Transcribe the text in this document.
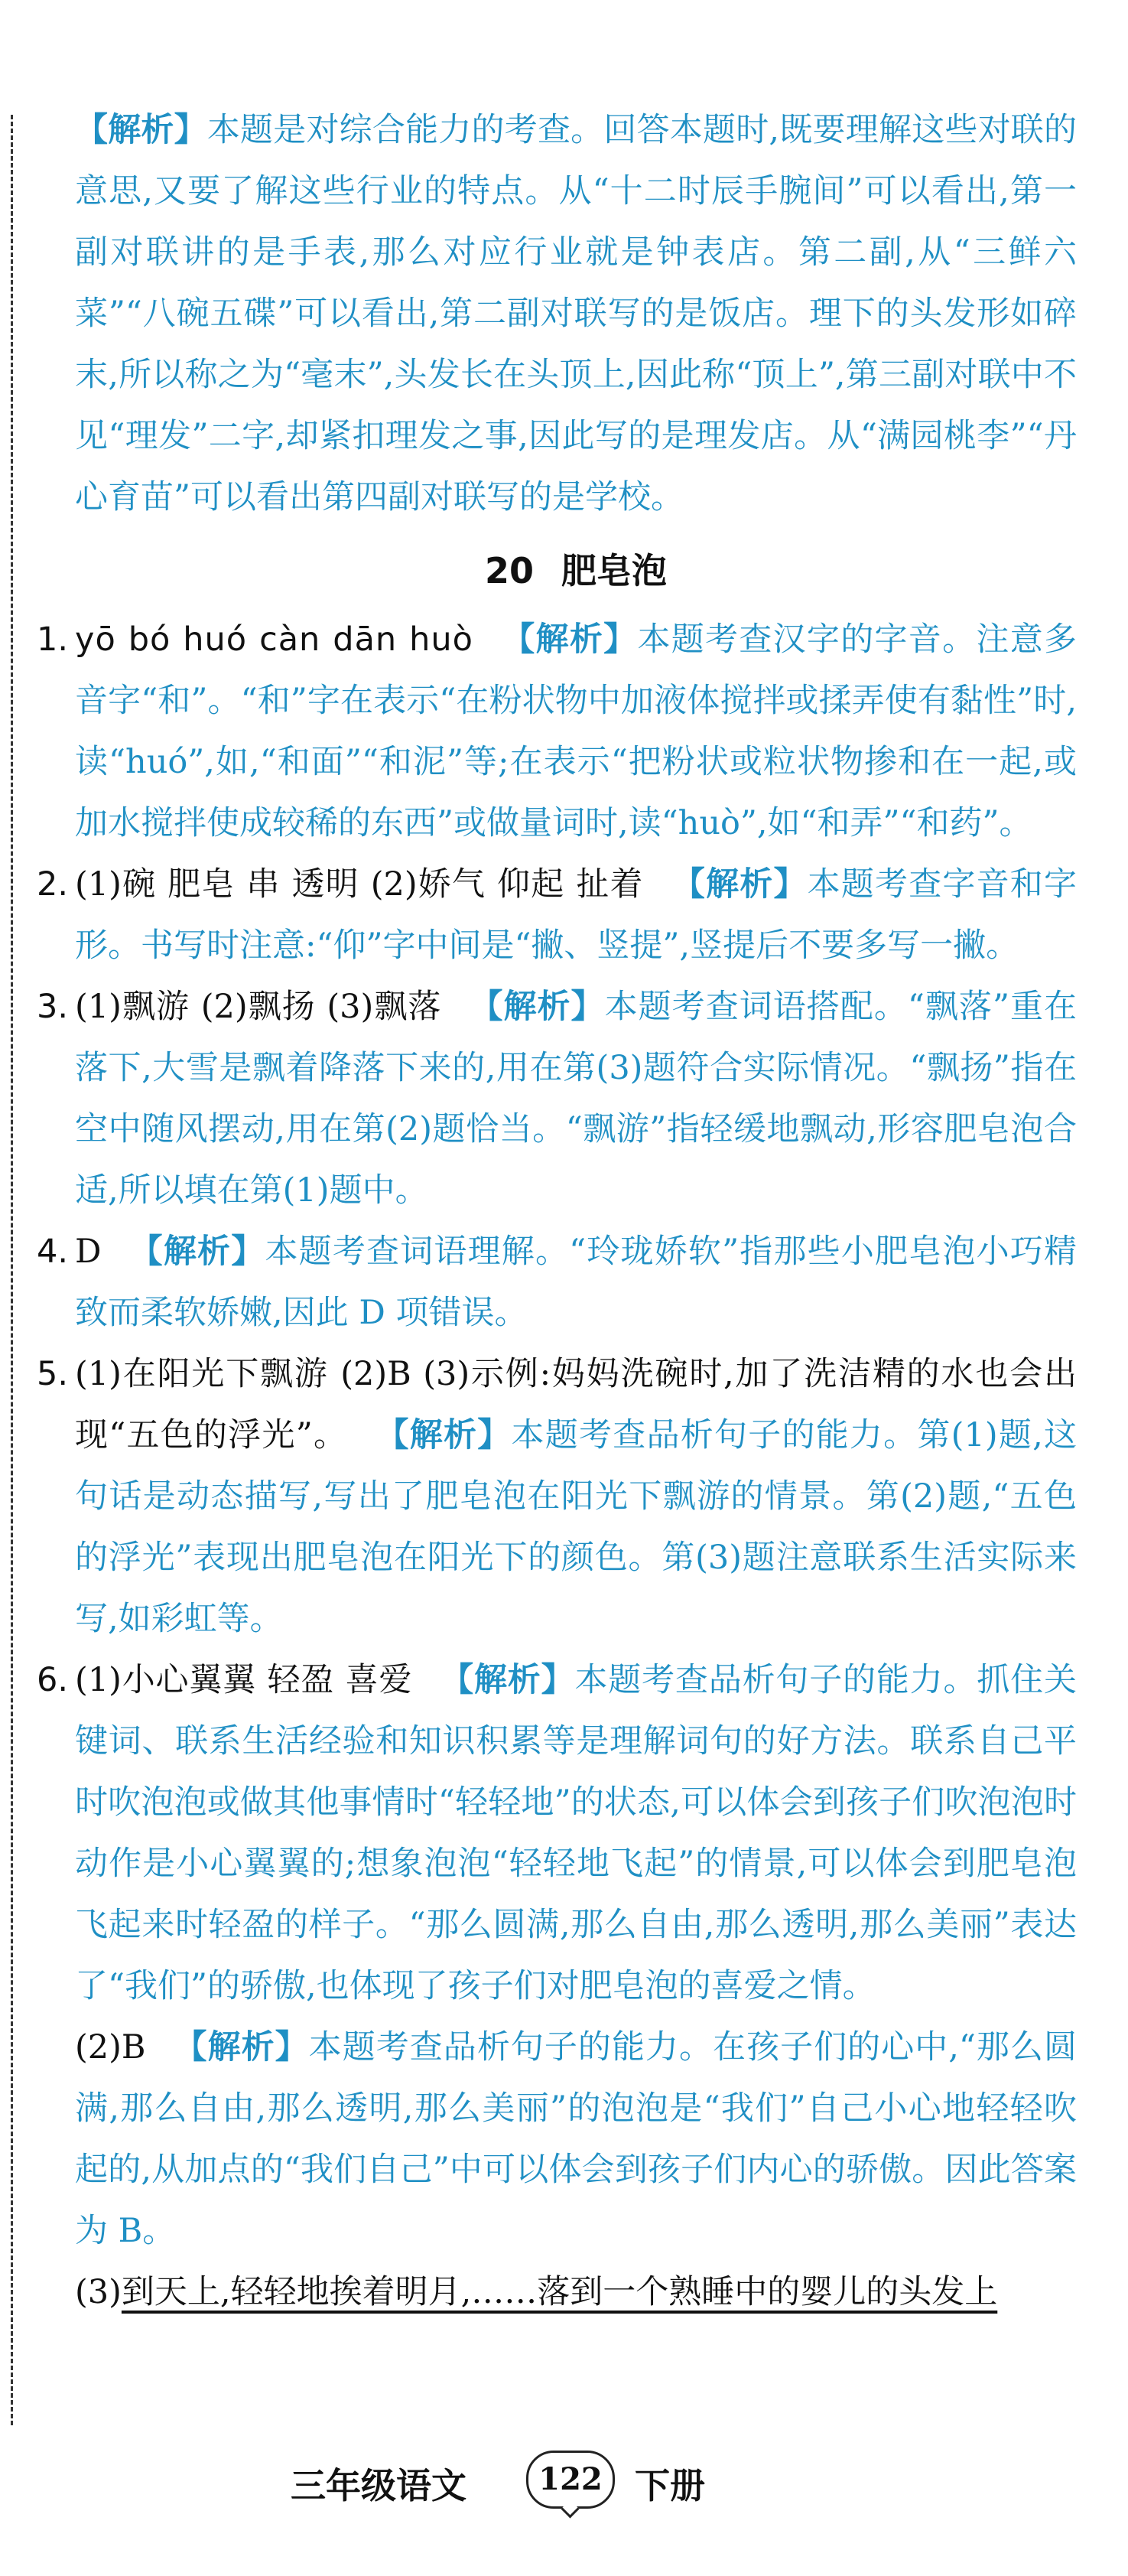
【解析】本题是对综合能力的考查。回答本题时,既要理解这些对联的意思,又要了解这些行业的特点。从“十二时辰手腕间”可以看出,第一副对联讲的是手表,那么对应行业就是钟表店。第二副,从“三鲜六菜”“八碗五碟”可以看出,第二副对联写的是饭店。理下的头发形如碎末,所以称之为“毫末”,头发长在头顶上,因此称“顶上”,第三副对联中不见“理发”二字,却紧扣理发之事,因此写的是理发店。从“满园桃李”“丹心育苗”可以看出第四副对联写的是学校。

20 肥皂泡

1. yō bó huó càn dān huò 【解析】本题考查汉字的字音。注意多音字“和”。“和”字在表示“在粉状物中加液体搅拌或揉弄使有黏性”时,读“huó”,如,“和面”“和泥”等;在表示“把粉状或粒状物掺和在一起,或加水搅拌使成较稀的东西”或做量词时,读“huò”,如“和弄”“和药”。

2. (1)碗 肥皂 串 透明 (2)娇气 仰起 扯着 【解析】本题考查字音和字形。书写时注意:“仰”字中间是“撇、竖提”,竖提后不要多写一撇。

3. (1)飘游 (2)飘扬 (3)飘落 【解析】本题考查词语搭配。“飘落”重在落下,大雪是飘着降落下来的,用在第(3)题符合实际情况。“飘扬”指在空中随风摆动,用在第(2)题恰当。“飘游”指轻缓地飘动,形容肥皂泡合适,所以填在第(1)题中。

4. D 【解析】本题考查词语理解。“玲珑娇软”指那些小肥皂泡小巧精致而柔软娇嫩,因此 D 项错误。

5. (1)在阳光下飘游 (2)B (3)示例:妈妈洗碗时,加了洗洁精的水也会出现“五色的浮光”。 【解析】本题考查品析句子的能力。第(1)题,这句话是动态描写,写出了肥皂泡在阳光下飘游的情景。第(2)题,“五色的浮光”表现出肥皂泡在阳光下的颜色。第(3)题注意联系生活实际来写,如彩虹等。

6. (1)小心翼翼 轻盈 喜爱 【解析】本题考查品析句子的能力。抓住关键词、联系生活经验和知识积累等是理解词句的好方法。联系自己平时吹泡泡或做其他事情时“轻轻地”的状态,可以体会到孩子们吹泡泡时动作是小心翼翼的;想象泡泡“轻轻地飞起”的情景,可以体会到肥皂泡飞起来时轻盈的样子。“那么圆满,那么自由,那么透明,那么美丽”表达了“我们”的骄傲,也体现了孩子们对肥皂泡的喜爱之情。

(2)B 【解析】本题考查品析句子的能力。在孩子们的心中,“那么圆满,那么自由,那么透明,那么美丽”的泡泡是“我们”自己小心地轻轻吹起的,从加点的“我们自己”中可以体会到孩子们内心的骄傲。因此答案为 B。

(3)到天上,轻轻地挨着明月,……落到一个熟睡中的婴儿的头发上

三年级语文	122 下册
